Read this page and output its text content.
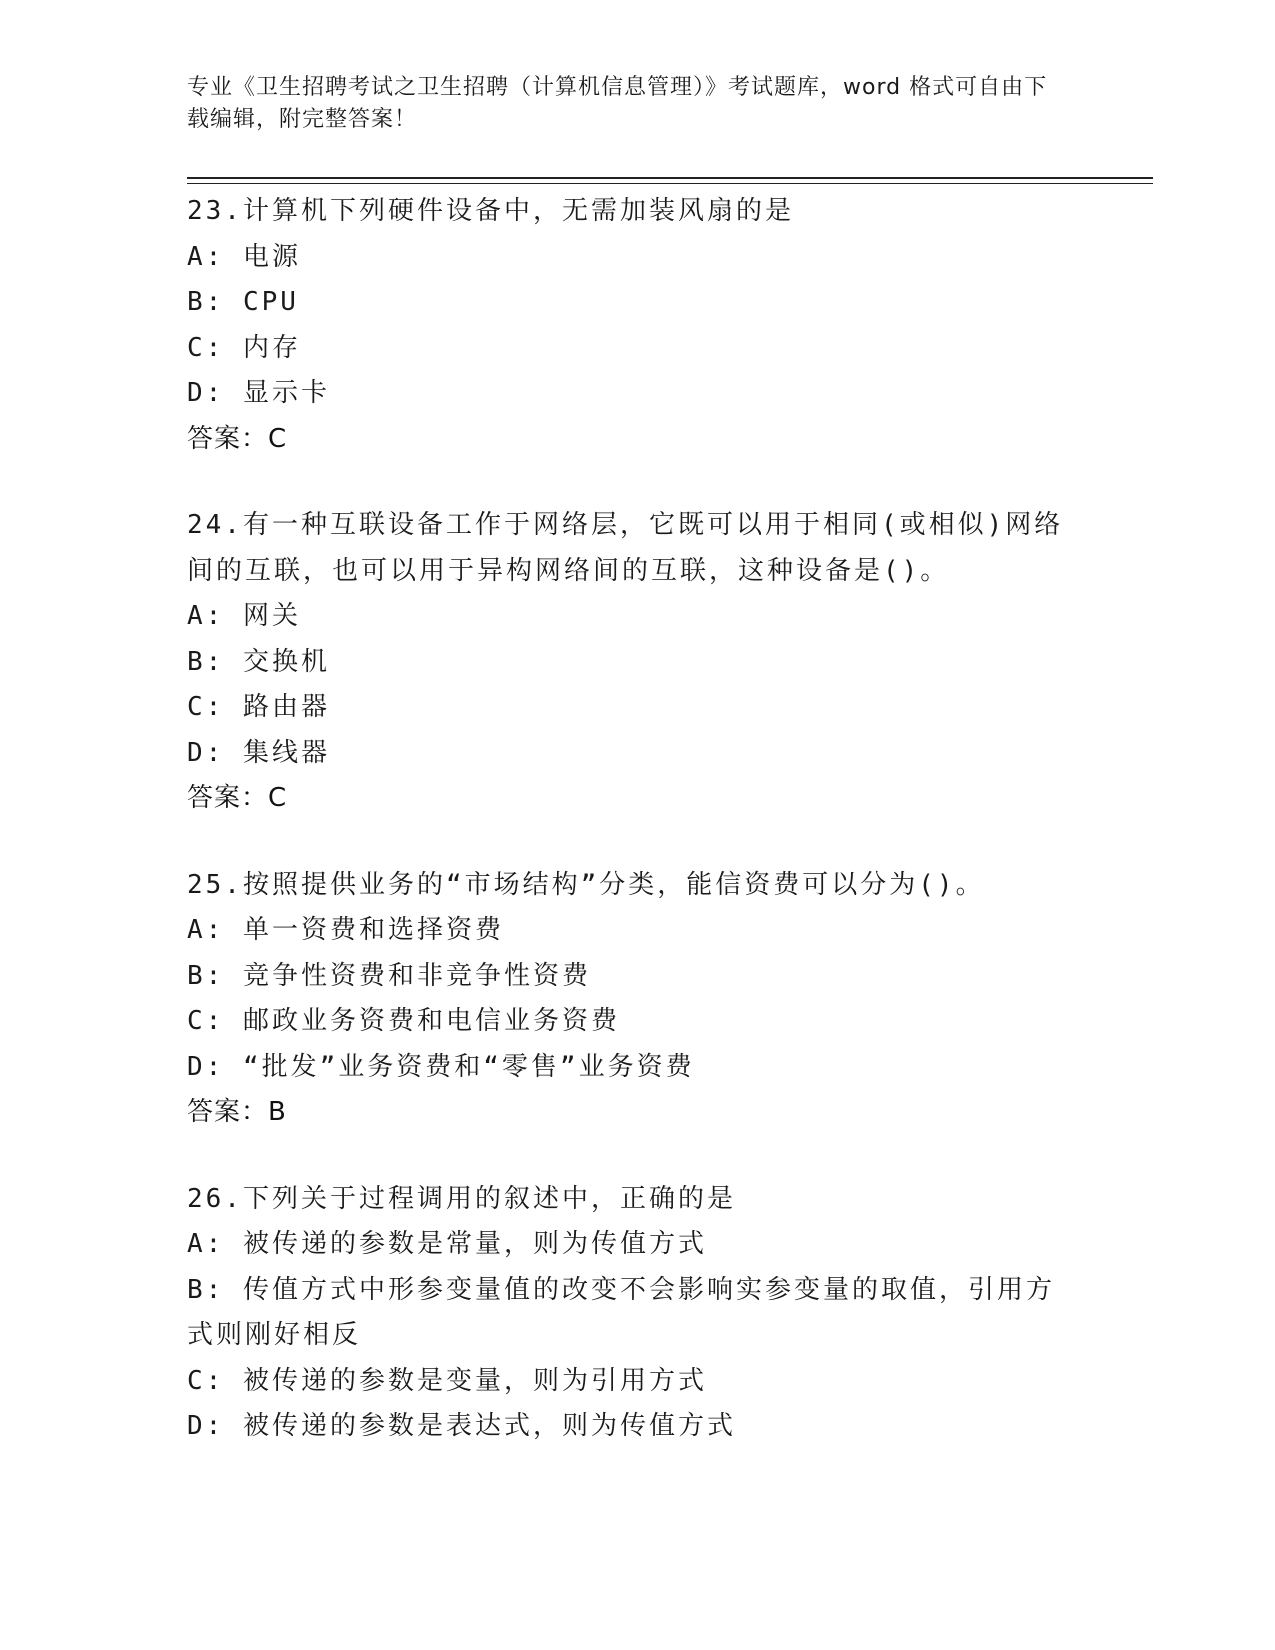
专业《卫生招聘考试之卫生招聘（计算机信息管理）》考试题库，word 格式可自由下载编辑，附完整答案！
23.计算机下列硬件设备中，无需加装风扇的是
A: 电源
B: CPU
C: 内存
D: 显示卡
答案：C
24.有一种互联设备工作于网络层，它既可以用于相同(或相似)网络间的互联，也可以用于异构网络间的互联，这种设备是()。
A: 网关
B: 交换机
C: 路由器
D: 集线器
答案：C
25.按照提供业务的“市场结构”分类，能信资费可以分为()。
A: 单一资费和选择资费
B: 竞争性资费和非竞争性资费
C: 邮政业务资费和电信业务资费
D: “批发”业务资费和“零售”业务资费
答案：B
26.下列关于过程调用的叙述中，正确的是
A: 被传递的参数是常量，则为传值方式
B: 传值方式中形参变量值的改变不会影响实参变量的取值，引用方式则刚好相反
C: 被传递的参数是变量，则为引用方式
D: 被传递的参数是表达式，则为传值方式
